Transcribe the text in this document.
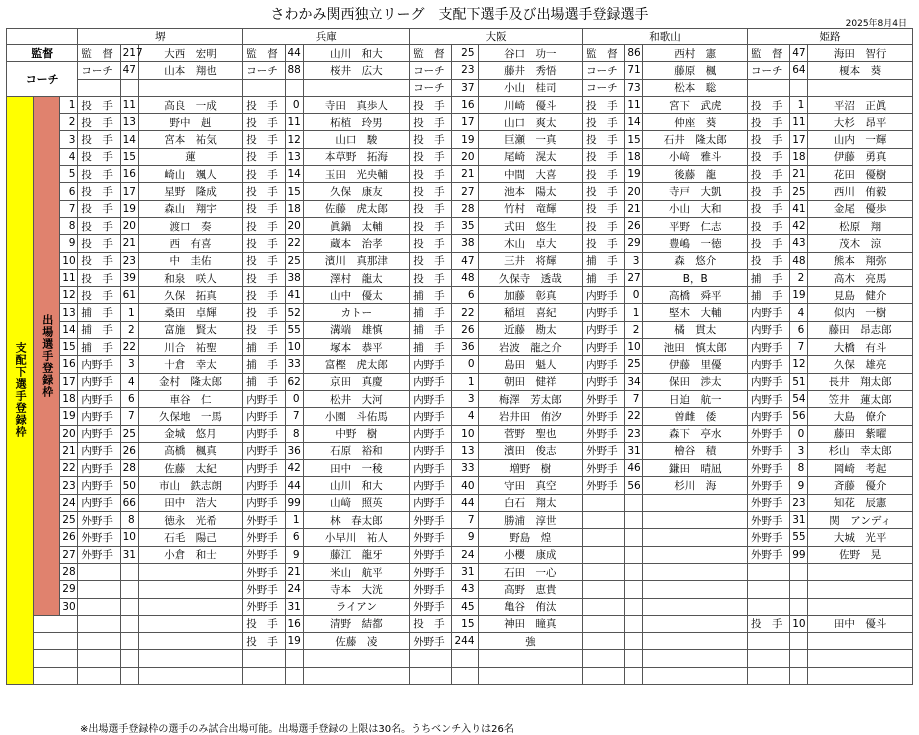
さわかみ関西独立リーグ　支配下選手及び出場選手登録選手
2025年8月4日
			堺			兵庫			大阪			和歌山			姫路		
監督			監　督	217	大西　宏明	監　督	44	山川　和大	監　督	25	谷口　功一	監　督	86	西村　憲	監　督	47	海田　智行
コーチ			コーチ	47	山本　翔也	コーチ	88	桜井　広大	コーチ	23	藤井　秀悟	コーチ	71	藤原　楓	コーチ	64	榎本　葵
									コーチ	37	小山　桂司	コーチ	73	松本　聡			
支配下選手登録枠	出場選手登録枠	1	投　手	11	高良　一成	投　手	0	寺田　真歩人	投　手	16	川崎　優斗	投　手	11	宮下　武虎	投　手	1	平沼　正眞
		2	投　手	13	野中　赳	投　手	11	柘植　玲男	投　手	17	山口　爽太	投　手	14	仲座　葵	投　手	11	大杉　昂平
		3	投　手	14	宮本　祐気	投　手	12	山口　駿	投　手	19	巨瀬　一真	投　手	15	石井　隆太郎	投　手	17	山内　一輝
		4	投　手	15	蓮	投　手	13	本草野　拓海	投　手	20	尾崎　滉太	投　手	18	小﨑　雅斗	投　手	18	伊藤　勇真
		5	投　手	16	崎山　颯人	投　手	14	玉田　光央輔	投　手	21	中間　大喜	投　手	19	後藤　龍	投　手	21	花田　優樹
		6	投　手	17	星野　隆成	投　手	15	久保　康友	投　手	27	池本　陽太	投　手	20	寺戸　大凱	投　手	25	西川　侑毅
		7	投　手	19	森山　翔宇	投　手	18	佐藤　虎太郎	投　手	28	竹村　竜輝	投　手	21	小山　大和	投　手	41	金尾　優歩
		8	投　手	20	渡口　奏	投　手	20	眞鍋　太輔	投　手	35	式田　悠生	投　手	26	平野　仁志	投　手	42	松原　翔
		9	投　手	21	西　有喜	投　手	22	蔵本　治孝	投　手	38	木山　卓大	投　手	29	豊嶋　一徳	投　手	43	茂木　涼
		10	投　手	23	中　圭佑	投　手	25	濱川　真那津	投　手	47	三井　将輝	捕　手	3	森　悠介	投　手	48	熊本　翔弥
		11	投　手	39	和泉　咲人	投　手	38	澤村　龍太	投　手	48	久保寺　透哉	捕　手	27	B，B	捕　手	2	高木　亮馬
		12	投　手	61	久保　拓真	投　手	41	山中　優太	捕　手	6	加藤　彰真	内野手	0	高橋　舜平	捕　手	19	見島　健介
		13	捕　手	1	桑田　卓輝	投　手	52	カトー	捕　手	22	稲垣　喜紀	内野手	1	堅木　大輔	内野手	4	似内　一樹
		14	捕　手	2	富施　賢太	投　手	55	溝端　雄慎	捕　手	26	近藤　勘太	内野手	2	橘　貫太	内野手	6	藤田　昂志郎
		15	捕　手	22	川合　祐聖	捕　手	10	塚本　恭平	捕　手	36	岩波　龍之介	内野手	10	池田　慎太郎	内野手	7	大橋　有斗
		16	内野手	3	十倉　幸太	捕　手	33	富樫　虎太郎	内野手	0	島田　魁人	内野手	25	伊藤　里優	内野手	12	久保　雄亮
		17	内野手	4	金村　隆太郎	捕　手	62	京田　真慶	内野手	1	朝田　健祥	内野手	34	保田　渉太	内野手	51	長井　翔太郎
		18	内野手	6	車谷　仁	内野手	0	松井　大河	内野手	3	梅澤　芳太郎	外野手	7	日迫　航一	内野手	54	笠井　蓮太郎
		19	内野手	7	久保地　一馬	内野手	7	小園　斗佑馬	内野手	4	岩井田　侑汐	外野手	22	曽雌　倭	内野手	56	大島　僚介
		20	内野手	25	金城　悠月	内野手	8	中野　樹	内野手	10	菅野　聖也	外野手	23	森下　亭水	外野手	0	藤田　紫曜
		21	内野手	26	高橋　楓真	内野手	36	石原　裕和	内野手	13	濱田　俊志	外野手	31	檜谷　積	外野手	3	杉山　幸太郎
		22	内野手	28	佐藤　太紀	内野手	42	田中　一稜	内野手	33	増野　樹	外野手	46	鎌田　晴凪	外野手	8	岡崎　考起
		23	内野手	50	市山　鉄志朗	内野手	44	山川　和大	内野手	40	守田　真空	外野手	56	杉川　海	外野手	9	斉藤　優介
		24	内野手	66	田中　浩大	内野手	99	山﨑　照英	内野手	44	白石　翔太				外野手	23	知花　辰憲
		25	外野手	8	徳永　光希	外野手	1	林　春太郎	外野手	7	勝浦　淳世				外野手	31	関　アンディ
		26	外野手	10	石毛　陽己	外野手	6	小早川　祐人	外野手	9	野島　煌				外野手	55	大城　光平
		27	外野手	31	小倉　和士	外野手	9	藤江　龍牙	外野手	24	小櫻　康成				外野手	99	佐野　晃
		28				外野手	21	米山　航平	外野手	31	石田　一心						
		29				外野手	24	寺本　大洸	外野手	43	高野　恵貴						
		30				外野手	31	ライアン	外野手	45	亀谷　侑汰						
						投　手	16	清野　結都	投　手	15	神田　瞳真				投　手	10	田中　優斗
						投　手	19	佐藤　凌	外野手	244	強						

※出場選手登録枠の選手のみ試合出場可能。出場選手登録の上限は30名。うちベンチ入りは26名
